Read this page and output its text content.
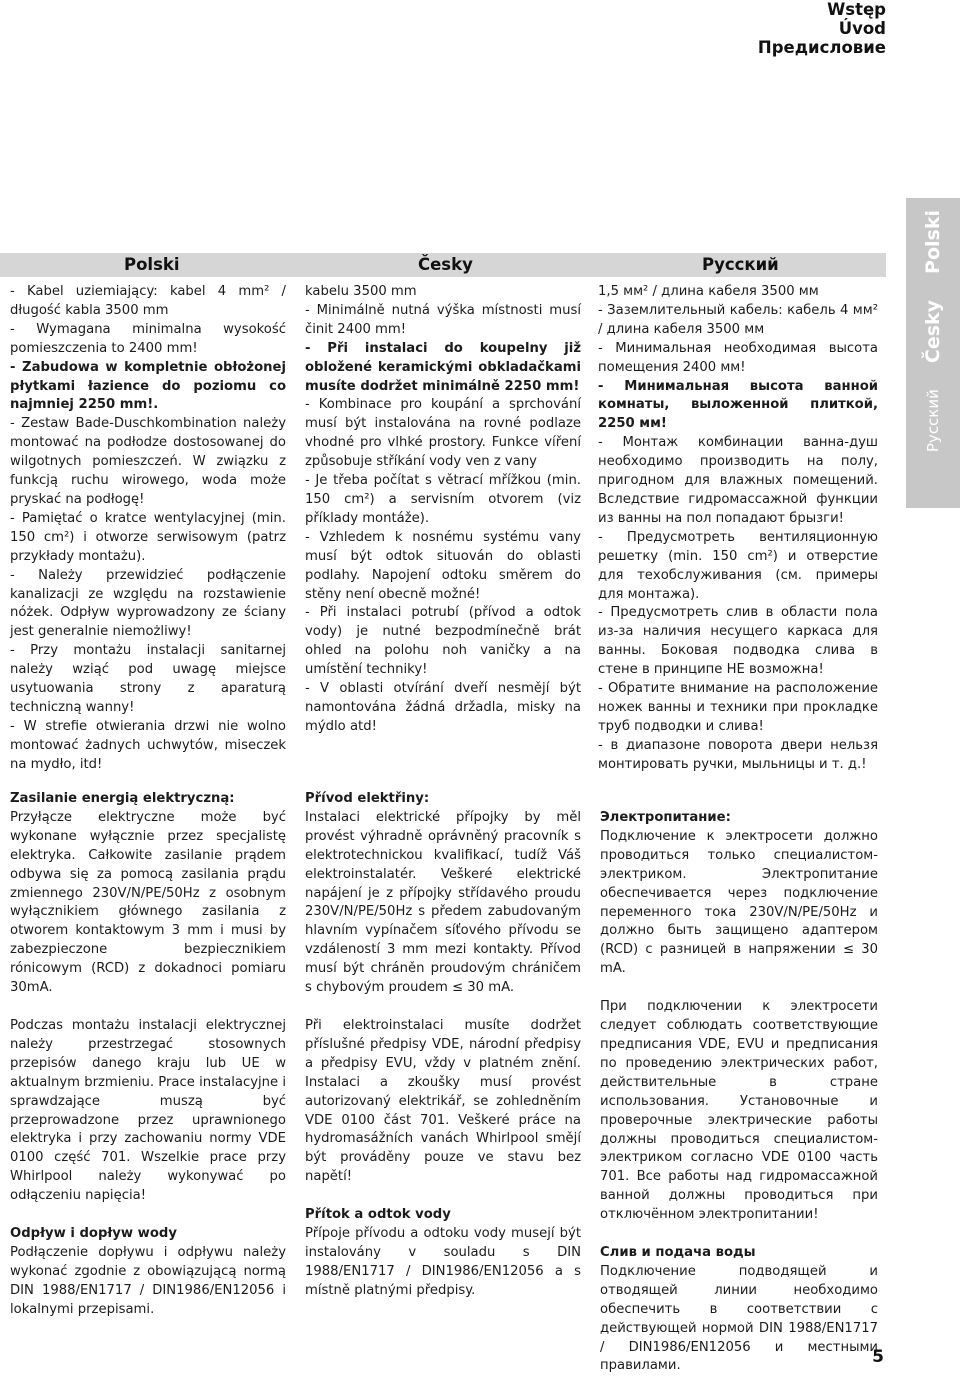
Wstęp
Úvod
Предисловие
Polski	Česky	Русский	Polski
Česky
Русский

- Kabel uziemiający: kabel 4 mm² / długość kabla 3500 mm

- Wymagana minimalna wysokość pomieszczenia to 2400 mm!

- Zabudowa w kompletnie obłożonej płytkami łazience do poziomu co najmniej 2250 mm!.

- Zestaw Bade-Duschkombination należy montować na podłodze dostosowanej do wilgotnych pomieszczeń. W związku z funkcją ruchu wirowego, woda może pryskać na podłogę!

- Pamiętać o kratce wentylacyjnej (min. 150 cm²) i otworze serwisowym (patrz przykłady montażu).

- Należy przewidzieć podłączenie kanalizacji ze względu na rozstawienie nóżek. Odpływ wyprowadzony ze ściany jest generalnie niemożliwy!

- Przy montażu instalacji sanitarnej należy wziąć pod uwagę miejsce usytuowania strony z aparaturą techniczną wanny!

- W strefie otwierania drzwi nie wolno montować żadnych uchwytów, miseczek na mydło, itd!

Zasilanie energią elektryczną:

Przyłącze elektryczne może być wykonane wyłącznie przez specjalistę elektryka. Całkowite zasilanie prądem odbywa się za pomocą zasilania prądu zmiennego 230V/N/PE/50Hz z osobnym wyłącznikiem głównego zasilania z otworem kontaktowym 3 mm i musi by zabezpieczone bezpiecznikiem rónicowym (RCD) z dokadnoci pomiaru 30mA.

Podczas montażu instalacji elektrycznej należy przestrzegać stosownych przepisów danego kraju lub UE w aktualnym brzmieniu. Prace instalacyjne i sprawdzające muszą być przeprowadzone przez uprawnionego elektryka i przy zachowaniu normy VDE 0100 część 701. Wszelkie prace przy Whirlpool należy wykonywać po odłączeniu napięcia!

Odpływ i dopływ wody

Podłączenie dopływu i odpływu należy wykonać zgodnie z obowiązującą normą DIN 1988/EN1717 / DIN1986/EN12056 i lokalnymi przepisami.

kabelu 3500 mm

- Minimálně nutná výška místnosti musí činit 2400 mm!

- Při instalaci do koupelny již obložené keramickými obkladačkami musíte dodržet minimálně 2250 mm!

- Kombinace pro koupání a sprchování musí být instalována na rovné podlaze vhodné pro vlhké prostory. Funkce víření způsobuje stříkání vody ven z vany

- Je třeba počítat s větrací mřížkou (min. 150 cm²) a servisním otvorem (viz příklady montáže).

- Vzhledem k nosnému systému vany musí být odtok situován do oblasti podlahy. Napojení odtoku směrem do stěny není obecně možné!

- Při instalaci potrubí (přívod a odtok vody) je nutné bezpodmínečně brát ohled na polohu noh vaničky a na umístění techniky!

- V oblasti otvírání dveří nesmějí být namontována žádná držadla, misky na mýdlo atd!

Přívod elektřiny:

Instalaci elektrické přípojky by měl provést výhradně oprávněný pracovník s elektrotechnickou kvalifikací, tudíž Váš elektroinstalatér. Veškeré elektrické napájení je z přípojky střídavého proudu 230V/N/PE/50Hz s předem zabudovaným hlavním vypínačem síťového přívodu se vzdáleností 3 mm mezi kontakty. Přívod musí být chráněn proudovým chráničem s chybovým proudem ≤ 30 mA.

Při elektroinstalaci musíte dodržet příslušné předpisy VDE, národní předpisy a předpisy EVU, vždy v platném znění. Instalaci a zkoušky musí provést autorizovaný elektrikář, se zohledněním VDE 0100 část 701. Veškeré práce na hydromasážních vanách Whirlpool smějí být prováděny pouze ve stavu bez napětí!

Přítok a odtok vody

Přípoje přívodu a odtoku vody musejí být instalovány v souladu s DIN 1988/EN1717 / DIN1986/EN12056 a s místně platnými předpisy.

1,5 мм² / длина кабеля 3500 мм

- Заземлительный кабель: кабель 4 мм² / длина кабеля 3500 мм

- Минимальная необходимая высота помещения 2400 мм!

- Минимальная высота ванной комнаты, выложенной плиткой, 2250 мм!

- Монтаж комбинации ванна-душ необходимо производить на полу, пригодном для влажных помещений. Вследствие гидромассажной функции из ванны на пол попадают брызги!

- Предусмотреть вентиляционную решетку (min. 150 cm²) и отверстие для техобслуживания (см. примеры для монтажа).

- Предусмотреть слив в области пола из-за наличия несущего каркаса для ванны. Боковая подводка слива в стене в принципе НЕ возможна!

- Обратите внимание на расположение ножек ванны и техники при прокладке труб подводки и слива!

- в диапазоне поворота двери нельзя монтировать ручки, мыльницы и т. д.!

Электропитание:

Подключение к электросети должно проводиться только специалистом-электриком. Электропитание обеспечивается через подключение переменного тока 230V/N/PE/50Hz и должно быть защищено адаптером (RCD) с разницей в напряжении ≤ 30 mA.

При подключении к электросети следует соблюдать соответствующие предписания VDE, EVU и предписания по проведению электрических работ, действительные в стране использования. Установочные и проверочные электрические работы должны проводиться специалистом-электриком согласно VDE 0100 часть 701. Все работы над гидромассажной ванной должны проводиться при отключённом электропитании!

Слив и подача воды

Подключение подводящей и отводящей линии необходимо обеспечить в соответствии с действующей нормой DIN 1988/EN1717 / DIN1986/EN12056 и местными правилами.	5
